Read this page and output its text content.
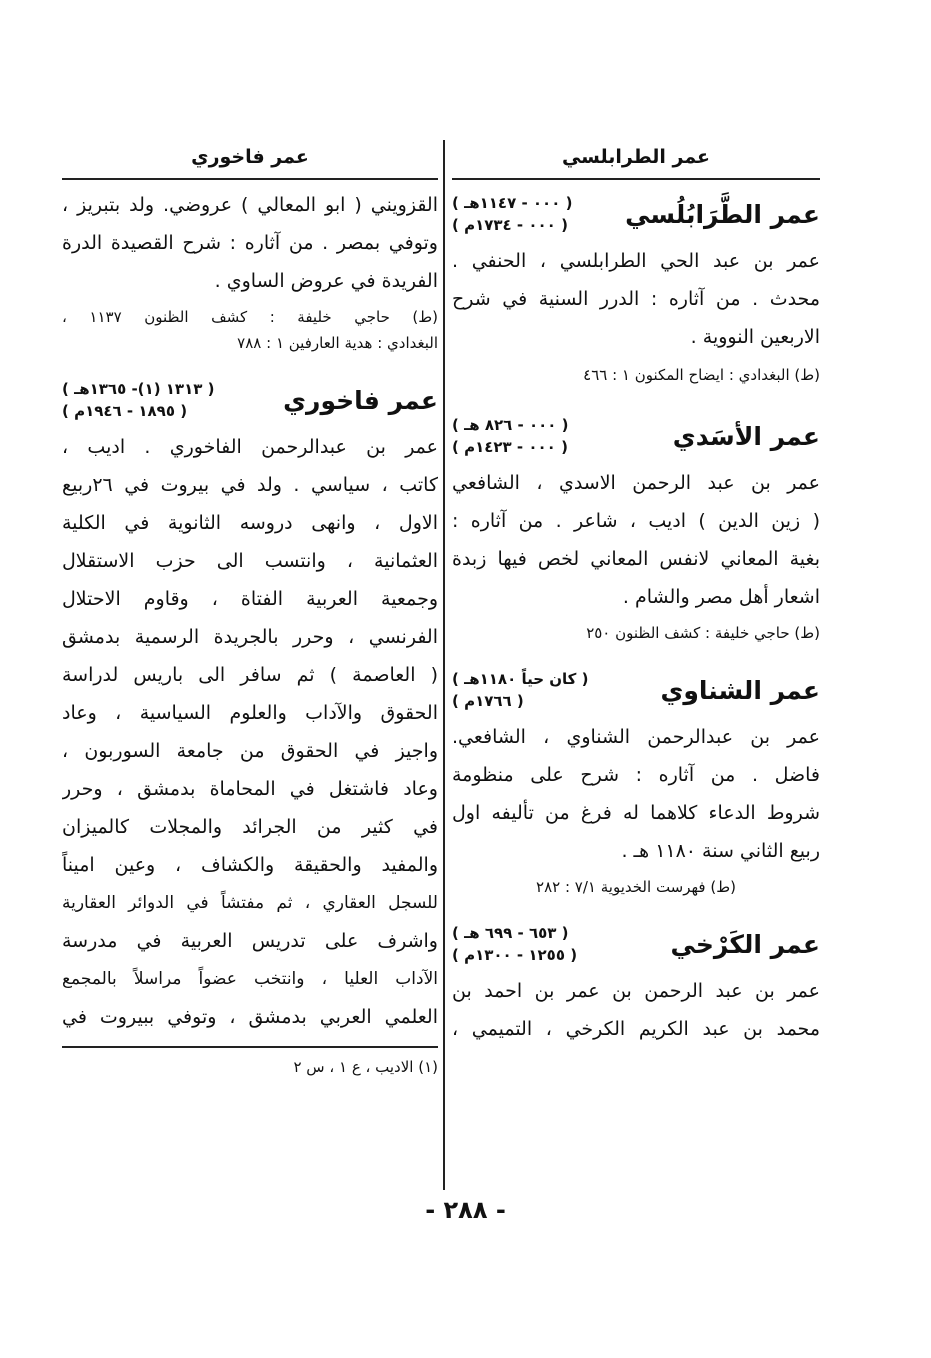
عمر الطرابلسي
عمر الطَّرَابُلُسي
( ٠٠٠ - ١١٤٧هـ )
( ٠٠٠ - ١٧٣٤م )
عمر بن عبد الحي الطرابلسي ، الحنفي .
محدث . من آثاره : الدرر السنية في شرح
الاربعين النووية .
(ط) البغدادي : ايضاح المكنون ١ : ٤٦٦
عمر الأسَدي
( ٠٠٠ - ٨٢٦ هـ )
( ٠٠٠ - ١٤٢٣م )
عمر بن عبد الرحمن الاسدي ، الشافعي
( زين الدين ) اديب ، شاعر . من آثاره :
بغية المعاني لانفس المعاني لخص فيها زبدة
اشعار أهل مصر والشام .
(ط) حاجي خليفة : كشف الظنون ٢٥٠
عمر الشناوي
( كان حياً ١١٨٠هـ )
( ١٧٦٦م )
عمر بن عبدالرحمن الشناوي ، الشافعي.
فاضل . من آثاره : شرح على منظومة
شروط الدعاء كلاهما له فرغ من تأليفه اول
ربيع الثاني سنة ١١٨٠ هـ .
(ط) فهرست الخديوية ٧/١ : ٢٨٢
عمر الكَرْخي
( ٦٥٣ - ٦٩٩ هـ )
( ١٢٥٥ - ١٣٠٠م )
عمر بن عبد الرحمن بن عمر بن احمد بن
محمد بن عبد الكريم الكرخي ، التميمي ،
عمر فاخوري
القزويني ( ابو المعالي ) عروضي. ولد بتبريز ،
وتوفي بمصر . من آثاره : شرح القصيدة الدرة
الفريدة في عروض الساوي .
(ط) حاجي خليفة : كشف الظنون ١١٣٧ ،
البغدادي : هدية العارفين ١ : ٧٨٨
عمر فاخوري
( ١٣١٣ (١)- ١٣٦٥هـ )
( ١٨٩٥ - ١٩٤٦م )
عمر بن عبدالرحمن الفاخوري . اديب ،
كاتب ، سياسي . ولد في بيروت في ٢٦ربيع
الاول ، وانهى دروسه الثانوية في الكلية
العثمانية ، وانتسب الى حزب الاستقلال
وجمعية العربية الفتاة ، وقاوم الاحتلال
الفرنسي ، وحرر بالجريدة الرسمية بدمشق
( العاصمة ) ثم سافر الى باريس لدراسة
الحقوق والآداب والعلوم السياسية ، وعاد
واجيز في الحقوق من جامعة السوربون ،
وعاد فاشتغل في المحاماة بدمشق ، وحرر
في كثير من الجرائد والمجلات كالميزان
والمفيد والحقيقة والكشاف ، وعين اميناً
للسجل العقاري ، ثم مفتشاً في الدوائر العقارية
واشرف على تدريس العربية في مدرسة
الآداب العليا ، وانتخب عضواً مراسلاً بالمجمع
العلمي العربي بدمشق ، وتوفي ببيروت في
(١) الاديب ، ع ١ ، س ٢
- ٢٨٨ -
